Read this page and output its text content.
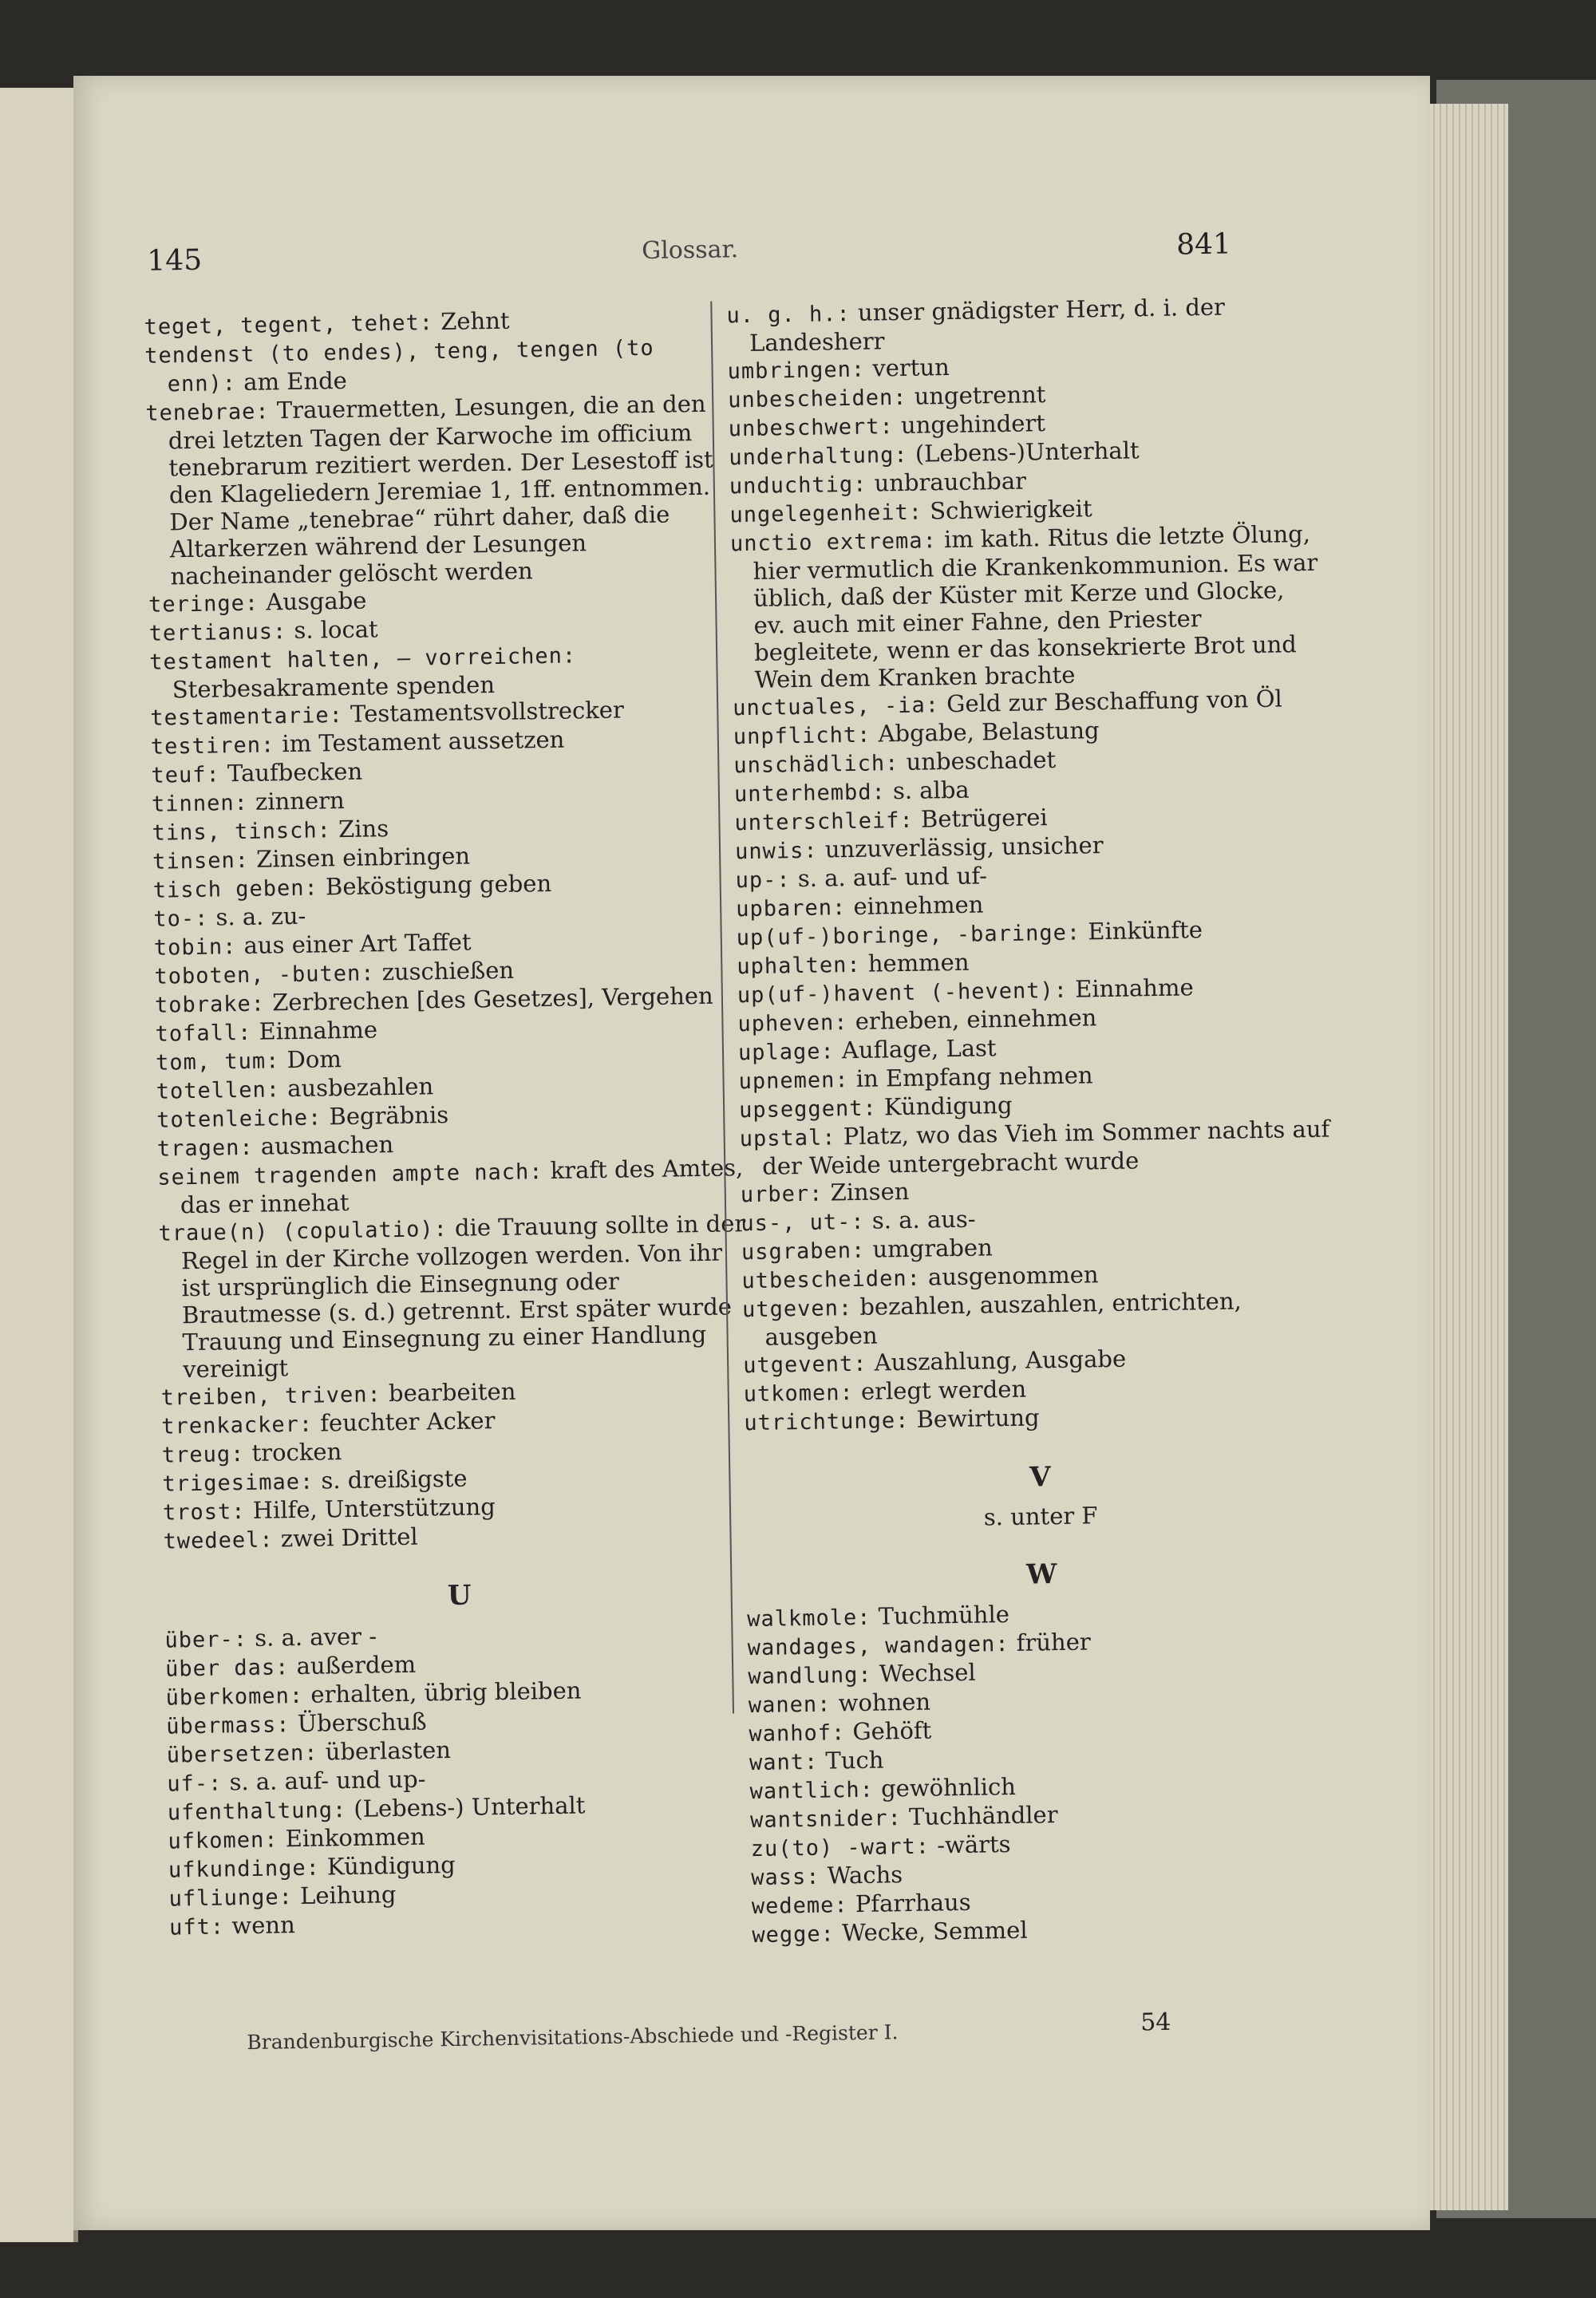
145	Glossar.	841

teget, tegent, tehet: Zehnt

tendenst (to endes), teng, tengen (to enn): am Ende

tenebrae: Trauermetten, Lesungen, die an den drei letzten Tagen der Karwoche im officium tenebrarum rezitiert werden. Der Lesestoff ist den Klageliedern Jeremiae 1, 1ff. entnommen. Der Name „tenebrae“ rührt daher, daß die Altarkerzen während der Lesungen nacheinander gelöscht werden

teringe: Ausgabe

tertianus: s. locat

testament halten, — vorreichen: Sterbesakramente spenden

testamentarie: Testamentsvollstrecker

testiren: im Testament aussetzen

teuf: Taufbecken

tinnen: zinnern

tins, tinsch: Zins

tinsen: Zinsen einbringen

tisch geben: Beköstigung geben

to-: s. a. zu-

tobin: aus einer Art Taffet

toboten, -buten: zuschießen

tobrake: Zerbrechen [des Gesetzes], Vergehen

tofall: Einnahme

tom, tum: Dom

totellen: ausbezahlen

totenleiche: Begräbnis

tragen: ausmachen

seinem tragenden ampte nach: kraft des Amtes, das er innehat

traue(n) (copulatio): die Trauung sollte in der Regel in der Kirche vollzogen werden. Von ihr ist ursprünglich die Einsegnung oder Brautmesse (s. d.) getrennt. Erst später wurde Trauung und Einsegnung zu einer Handlung vereinigt

treiben, triven: bearbeiten

trenkacker: feuchter Acker

treug: trocken

trigesimae: s. dreißigste

trost: Hilfe, Unterstützung

twedeel: zwei Drittel

U

über-: s. a. aver -

über das: außerdem

überkomen: erhalten, übrig bleiben

übermass: Überschuß

übersetzen: überlasten

uf-: s. a. auf- und up-

ufenthaltung: (Lebens-) Unterhalt

ufkomen: Einkommen

ufkundinge: Kündigung

ufliunge: Leihung

uft: wenn

u. g. h.: unser gnädigster Herr, d. i. der Landesherr

umbringen: vertun

unbescheiden: ungetrennt

unbeschwert: ungehindert

underhaltung: (Lebens-)Unterhalt

unduchtig: unbrauchbar

ungelegenheit: Schwierigkeit

unctio extrema: im kath. Ritus die letzte Ölung, hier vermutlich die Krankenkommunion. Es war üblich, daß der Küster mit Kerze und Glocke, ev. auch mit einer Fahne, den Priester begleitete, wenn er das konsekrierte Brot und Wein dem Kranken brachte

unctuales, -ia: Geld zur Beschaffung von Öl

unpflicht: Abgabe, Belastung

unschädlich: unbeschadet

unterhembd: s. alba

unterschleif: Betrügerei

unwis: unzuverlässig, unsicher

up-: s. a. auf- und uf-

upbaren: einnehmen

up(uf-)boringe, -baringe: Einkünfte

uphalten: hemmen

up(uf-)havent (-hevent): Einnahme

upheven: erheben, einnehmen

uplage: Auflage, Last

upnemen: in Empfang nehmen

upseggent: Kündigung

upstal: Platz, wo das Vieh im Sommer nachts auf der Weide untergebracht wurde

urber: Zinsen

us-, ut-: s. a. aus-

usgraben: umgraben

utbescheiden: ausgenommen

utgeven: bezahlen, auszahlen, entrichten, ausgeben

utgevent: Auszahlung, Ausgabe

utkomen: erlegt werden

utrichtunge: Bewirtung

V
s. unter F
W

walkmole: Tuchmühle

wandages, wandagen: früher

wandlung: Wechsel

wanen: wohnen

wanhof: Gehöft

want: Tuch

wantlich: gewöhnlich

wantsnider: Tuchhändler

zu(to) -wart: -wärts

wass: Wachs

wedeme: Pfarrhaus

wegge: Wecke, Semmel

Brandenburgische Kirchenvisitations-Abschiede und -Register I.	54
